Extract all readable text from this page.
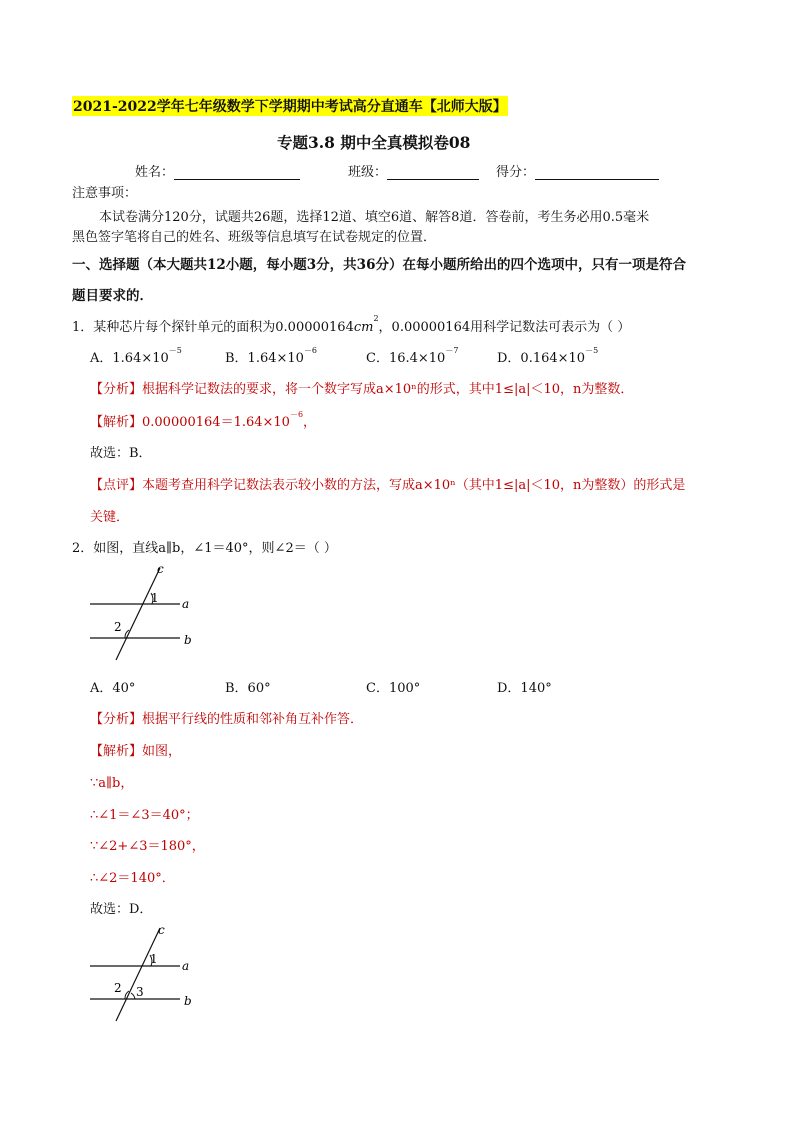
2021-2022学年七年级数学下学期期中考试高分直通车【北师大版】
专题3.8 期中全真模拟卷08
姓名：	班级：	得分：
注意事项：
本试卷满分120分，试题共26题，选择12道、填空6道、解答8道．答卷前，考生务必用0.5毫米
黑色签字笔将自己的姓名、班级等信息填写在试卷规定的位置．
一、选择题（本大题共12小题，每小题3分，共36分）在每小题所给出的四个选项中，只有一项是符合
题目要求的．
1．某种芯片每个探针单元的面积为$0.00000164cm^2$，0.00000164用科学记数法可表示为（ ）
A．$1.64\times 10^{-5}$
B．$1.64\times 10^{-6}$
C．$16.4\times 10^{-7}$
D．$0.164\times 10^{-5}$
【分析】根据科学记数法的要求，将一个数字写成a×10ⁿ的形式，其中1≤|a|＜10，n为整数．
【解析】$0.00000164=1.64\times 10^{-6}$，
故选：B．
【点评】本题考查用科学记数法表示较小数的方法，写成a×10ⁿ（其中1≤|a|＜10，n为整数）的形式是
关键．
2．如图，直线a∥b，∠1＝40°，则∠2＝（ ）
c
a
b
1
2
A．40°	B．60°	C．100°	D．140°
【分析】根据平行线的性质和邻补角互补作答．
【解析】如图，
∵a∥b，
∴∠1＝∠3＝40°；
∵∠2+∠3＝180°，
∴∠2＝140°．
故选：D．
c
a
b
1
2 3
